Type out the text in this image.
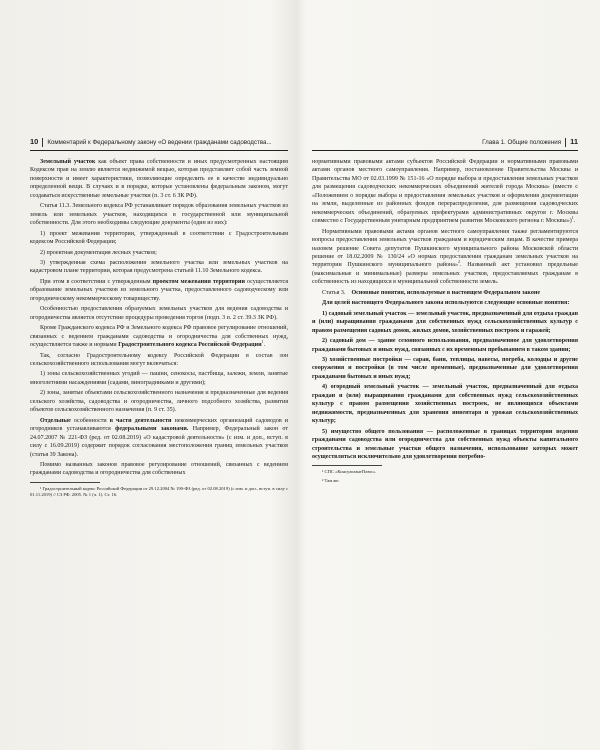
10 Комментарий к Федеральному закону «О ведении гражданами садоводства...

Земельный участок как объект права собственности и иных предусмотренных настоящим Кодексом прав на землю является недвижимой вещью, которая представляет собой часть земной поверхности и имеет характеристики, позволяющие определить ее в качестве индивидуально определенной вещи. В случаях и в порядке, которые установлены федеральным законом, могут создаваться искусственные земельные участки (п. 3 ст. 6 ЗК РФ).

Статья 11.3. Земельного кодекса РФ устанавливает порядок образования земельных участков из земель или земельных участков, находящихся в государственной или муниципальной собственности. Для этого необходимы следующие документы (один из них):

1) проект межевания территории, утвержденный в соответствии с Градостроительным кодексом Российской Федерации;

2) проектная документация лесных участков;

3) утвержденная схема расположения земельного участка или земельных участков на кадастровом плане территории, которая предусмотрена статьей 11.10 Земельного кодекса.

При этом в соответствии с утвержденным проектом межевания территории осуществляется образование земельных участков из земельного участка, предоставленного садоводческому или огородническому некоммерческому товариществу.

Особенностью предоставления образуемых земельных участков для ведения садоводства и огородничества является отсутствие процедуры проведения торгов (подп. 3 п. 2 ст. 39.3 ЗК РФ).

Кроме Гражданского кодекса РФ и Земельного кодекса РФ правовое регулирование отношений, связанных с ведением гражданами садоводства и огородничества для собственных нужд, осуществляется также и нормами Градостроительного кодекса Российской Федерации$^1$.

Так, согласно Градостроительному кодексу Российской Федерации в состав зон сельскохозяйственного использования могут включаться:

1) зоны сельскохозяйственных угодий — пашни, сенокосы, пастбища, залежи, земли, занятые многолетними насаждениями (садами, виноградниками и другими);

2) зоны, занятые объектами сельскохозяйственного назначения и предназначенные для ведения сельского хозяйства, садоводства и огородничества, личного подсобного хозяйства, развития объектов сельскохозяйственного назначения (п. 9 ст. 35).

Отдельные особенности в части деятельности некоммерческих организаций садоводов и огородников устанавливаются федеральными законами. Например, Федеральный закон от 24.07.2007 № 221-ФЗ (ред. от 02.08.2019) «О кадастровой деятельности» (с изм. и доп., вступ. в силу с 16.09.2019) содержит порядок согласования местоположения границ земельных участков (статья 39 Закона).

Помимо названных законов правовое регулирование отношений, связанных с ведением гражданами садоводства и огородничества для собственных

¹ Градостроительный кодекс Российской Федерации от 29.12.2004 № 190-ФЗ (ред. от 02.08.2019) (с изм. и доп., вступ. в силу с 01.11.2019) // СЗ РФ. 2005. № 1 (ч. 1). Ст. 16.

Глава 1. Общие положения 11

нормативными правовыми актами субъектов Российской Федерации и нормативными правовыми актами органов местного самоуправления. Например, постановление Правительства Москвы и Правительства МО от 02.03.1999 № 151-16 «О порядке выбора и предоставления земельных участков для размещения садоводческих некоммерческих объединений жителей города Москвы» (вместе с «Положением о порядке выбора и предоставления земельных участков и оформления документации на земли, выделенные из районных фондов перераспределения, для размещения садоводческих некоммерческих объединений, образуемых префектурами административных округов г. Москвы совместно с Государственным унитарным предприятием развития Московского региона г. Москвы»)$^1$.

Нормативными правовыми актами органов местного самоуправления также регламентируются вопросы предоставления земельных участков гражданам и юридическим лицам. В качестве примера назовем решение Совета депутатов Пушкинского муниципального района Московской области решение от 18.02.2009 № 130/24 «О нормах предоставления гражданам земельных участков на территории Пушкинского муниципального района»$^2$. Названный акт установил предельные (максимальные и минимальные) размеры земельных участков, предоставляемых гражданам в собственность из находящихся в муниципальной собственности земель.

Статья 3. Основные понятия, используемые в настоящем Федеральном законе

Для целей настоящего Федерального закона используются следующие основные понятия:

1) садовый земельный участок — земельный участок, предназначенный для отдыха граждан и (или) выращивания гражданами для собственных нужд сельскохозяйственных культур с правом размещения садовых домов, жилых домов, хозяйственных построек и гаражей;

2) садовый дом — здание сезонного использования, предназначенное для удовлетворения гражданами бытовых и иных нужд, связанных с их временным пребыванием в таком здании;

3) хозяйственные постройки — сараи, бани, теплицы, навесы, погреба, колодцы и другие сооружения и постройки (в том числе временные), предназначенные для удовлетворения гражданами бытовых и иных нужд;

4) огородный земельный участок — земельный участок, предназначенный для отдыха граждан и (или) выращивания гражданами для собственных нужд сельскохозяйственных культур с правом размещения хозяйственных построек, не являющихся объектами недвижимости, предназначенных для хранения инвентаря и урожая сельскохозяйственных культур;

5) имущество общего пользования — расположенные в границах территории ведения гражданами садоводства или огородничества для собственных нужд объекты капитального строительства и земельные участки общего назначения, использование которых может осуществляться исключительно для удовлетворения потребно-

¹ СПС «КонсультантПлюс».

² Там же.
